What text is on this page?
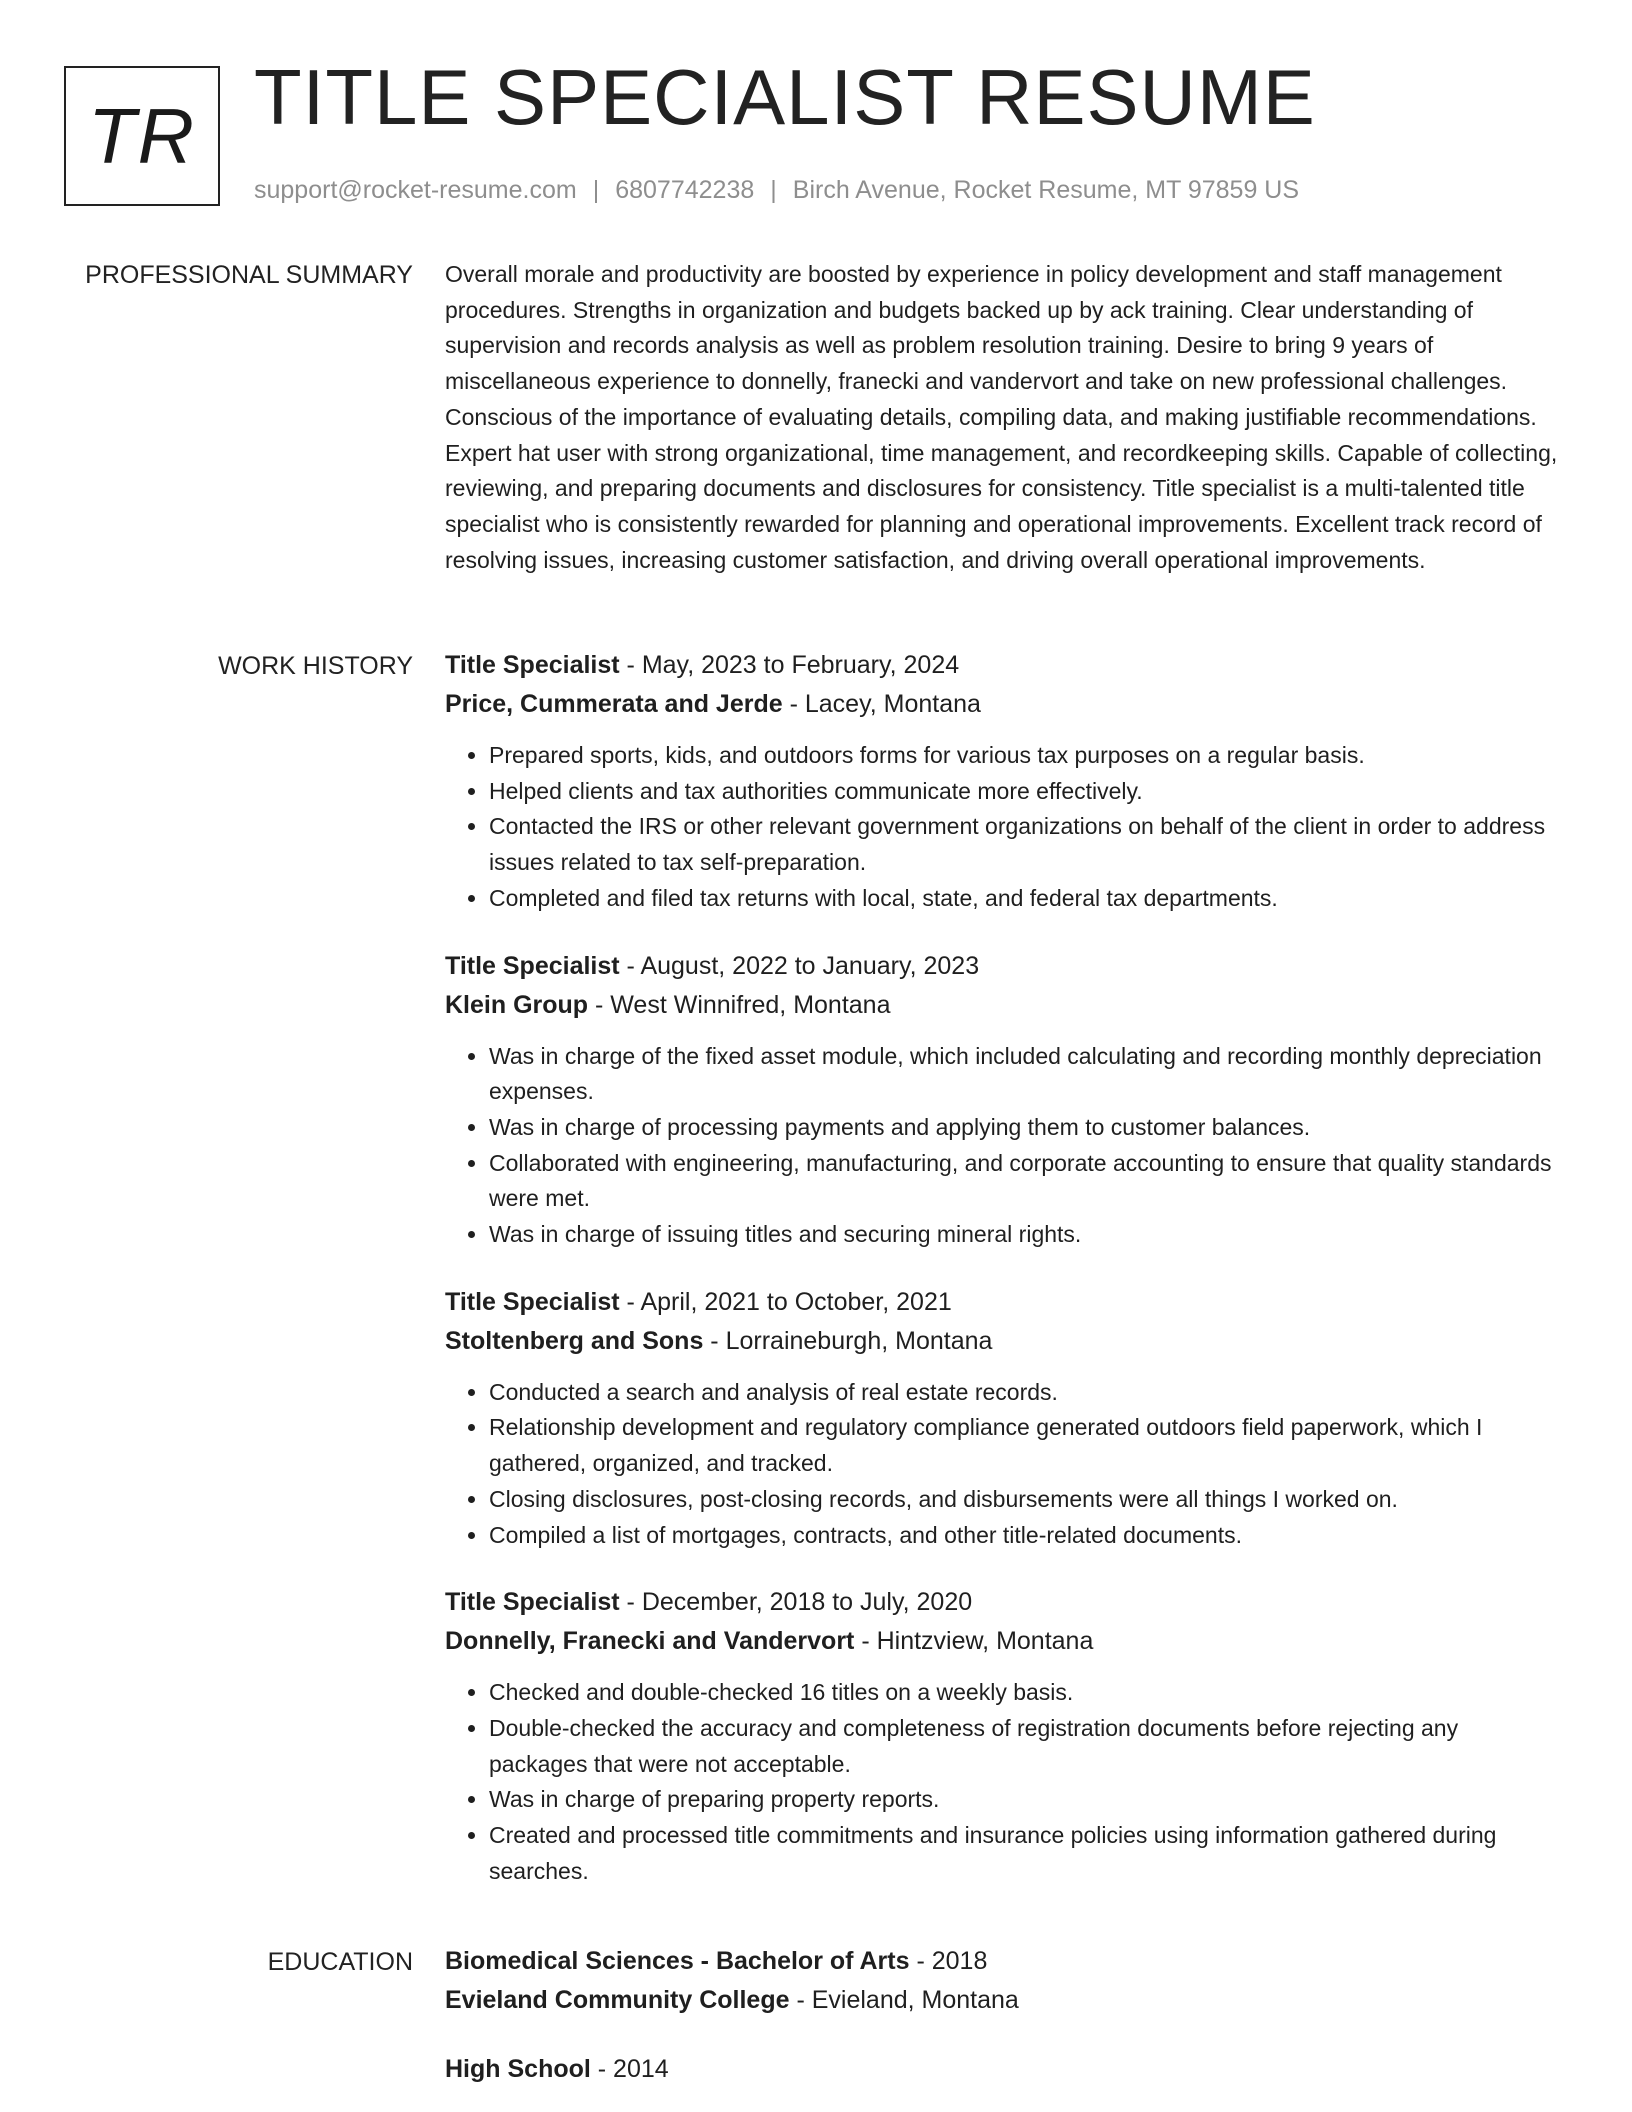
TR TITLE SPECIALIST RESUME
support@rocket-resume.com | 6807742238 | Birch Avenue, Rocket Resume, MT 97859 US
PROFESSIONAL SUMMARY Overall morale and productivity are boosted by experience in policy development and staff management procedures. Strengths in organization and budgets backed up by ack training. Clear understanding of supervision and records analysis as well as problem resolution training. Desire to bring 9 years of miscellaneous experience to donnelly, franecki and vandervort and take on new professional challenges. Conscious of the importance of evaluating details, compiling data, and making justifiable recommendations. Expert hat user with strong organizational, time management, and recordkeeping skills. Capable of collecting, reviewing, and preparing documents and disclosures for consistency. Title specialist is a multi-talented title specialist who is consistently rewarded for planning and operational improvements. Excellent track record of resolving issues, increasing customer satisfaction, and driving overall operational improvements.
WORK HISTORY Title Specialist - May, 2023 to February, 2024
Price, Cummerata and Jerde - Lacey, Montana
• Prepared sports, kids, and outdoors forms for various tax purposes on a regular basis.
• Helped clients and tax authorities communicate more effectively.
• Contacted the IRS or other relevant government organizations on behalf of the client in order to address issues related to tax self-preparation.
• Completed and filed tax returns with local, state, and federal tax departments.
Title Specialist - August, 2022 to January, 2023
Klein Group - West Winnifred, Montana
• Was in charge of the fixed asset module, which included calculating and recording monthly depreciation expenses.
• Was in charge of processing payments and applying them to customer balances.
• Collaborated with engineering, manufacturing, and corporate accounting to ensure that quality standards were met.
• Was in charge of issuing titles and securing mineral rights.
Title Specialist - April, 2021 to October, 2021
Stoltenberg and Sons - Lorraineburgh, Montana
• Conducted a search and analysis of real estate records.
• Relationship development and regulatory compliance generated outdoors field paperwork, which I gathered, organized, and tracked.
• Closing disclosures, post-closing records, and disbursements were all things I worked on.
• Compiled a list of mortgages, contracts, and other title-related documents.
Title Specialist - December, 2018 to July, 2020
Donnelly, Franecki and Vandervort - Hintzview, Montana
• Checked and double-checked 16 titles on a weekly basis.
• Double-checked the accuracy and completeness of registration documents before rejecting any packages that were not acceptable.
• Was in charge of preparing property reports.
• Created and processed title commitments and insurance policies using information gathered during searches.
EDUCATION Biomedical Sciences - Bachelor of Arts - 2018
Evieland Community College - Evieland, Montana
High School - 2014
